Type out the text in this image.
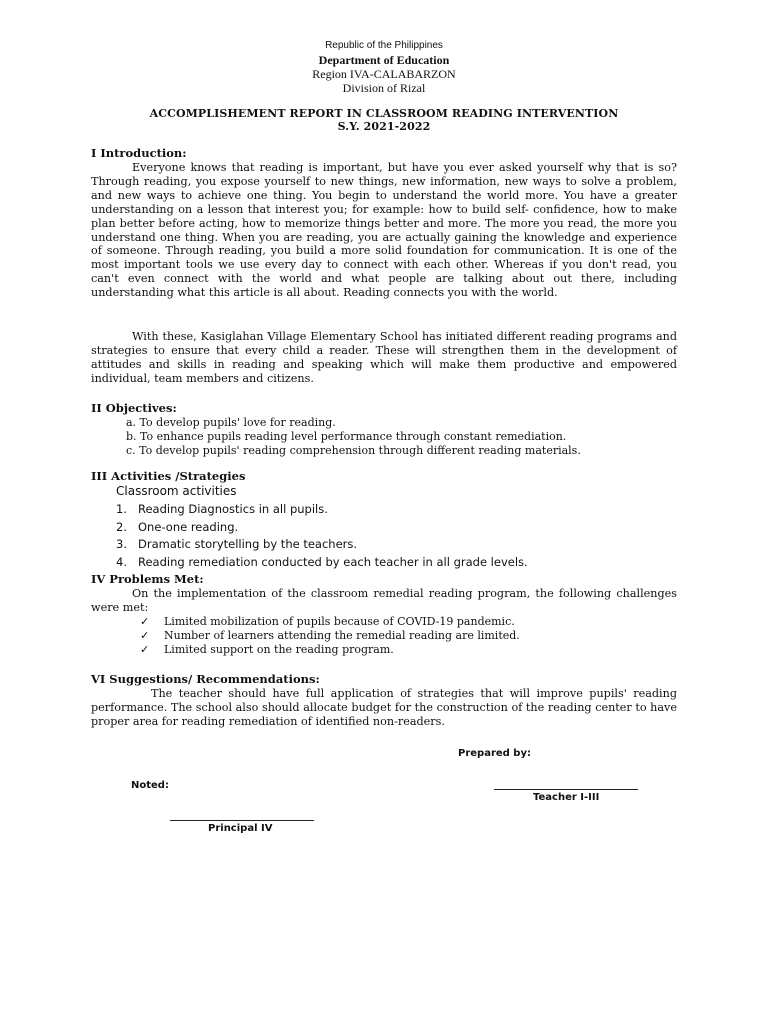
Republic of the Philippines
Department of Education
Region IVA-CALABARZON
Division of Rizal
ACCOMPLISHEMENT REPORT IN CLASSROOM READING INTERVENTION
S.Y. 2021-2022
I Introduction:

Everyone knows that reading is important, but have you ever asked yourself why that is so? Through reading, you expose yourself to new things, new information, new ways to solve a problem, and new ways to achieve one thing. You begin to understand the world more. You have a greater understanding on a lesson that interest you; for example: how to build self- confidence, how to make plan better before acting, how to memorize things better and more. The more you read, the more you understand one thing. When you are reading, you are actually gaining the knowledge and experience of someone. Through reading, you build a more solid foundation for communication. It is one of the most important tools we use every day to connect with each other. Whereas if you don't read, you can't even connect with the world and what people are talking about out there, including understanding what this article is all about. Reading connects you with the world.

With these, Kasiglahan Village Elementary School has initiated different reading programs and strategies to ensure that every child a reader. These will strengthen them in the development of attitudes and skills in reading and speaking which will make them productive and empowered individual, team members and citizens.

II Objectives:
a. To develop pupils' love for reading.
b. To enhance pupils reading level performance through constant remediation.
c. To develop pupils' reading comprehension through different reading materials.
III Activities /Strategies
Classroom activities
1. Reading Diagnostics in all pupils.
2. One-one reading.
3. Dramatic storytelling by the teachers.
4. Reading remediation conducted by each teacher in all grade levels.
IV Problems Met:

On the implementation of the classroom remedial reading program, the following challenges were met:

✓ Limited mobilization of pupils because of COVID-19 pandemic.
✓ Number of learners attending the remedial reading are limited.
✓ Limited support on the reading program.
VI Suggestions/ Recommendations:

The teacher should have full application of strategies that will improve pupils' reading performance. The school also should allocate budget for the construction of the reading center to have proper area for reading remediation of identified non-readers.

Prepared by:
Noted:
Teacher I-III
Principal IV
